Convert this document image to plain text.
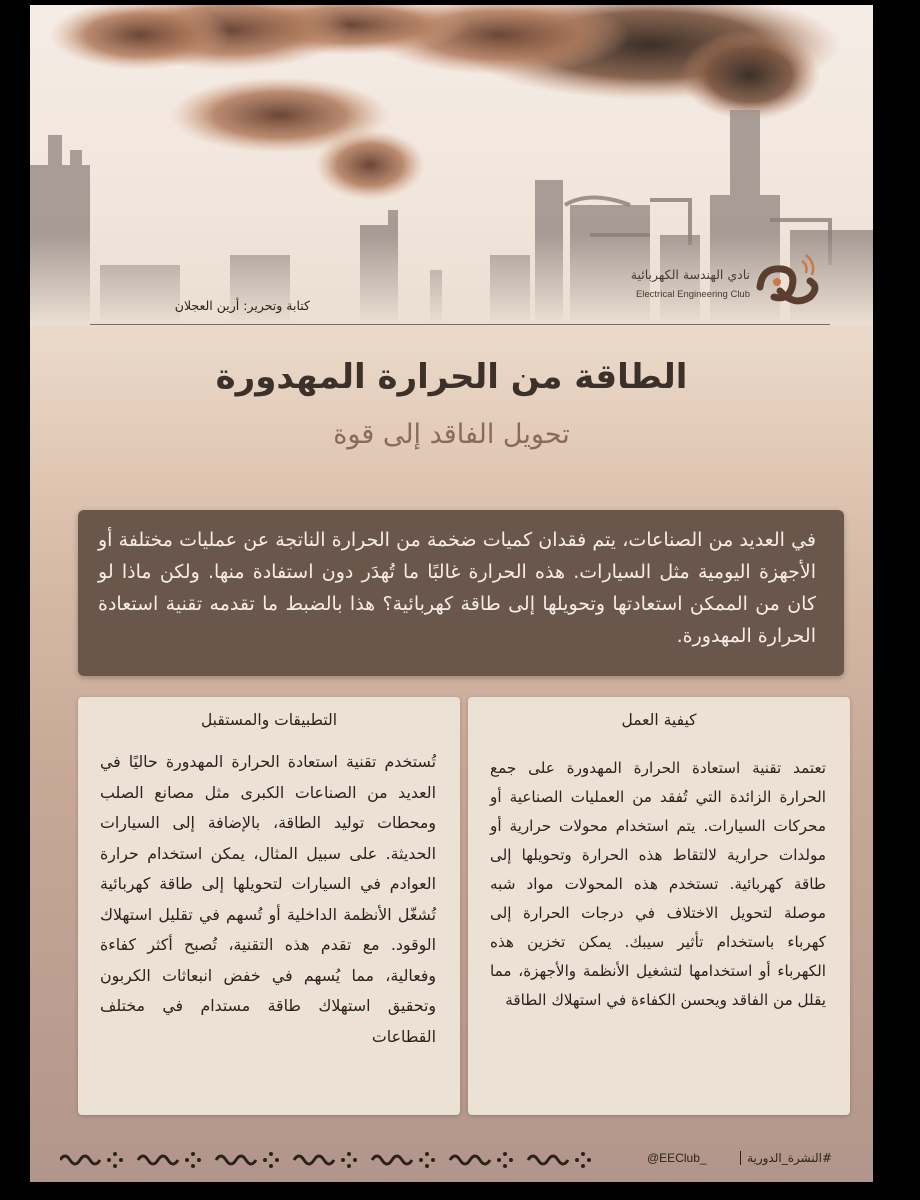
كتابة وتحرير: أرين العجلان
نادي الهندسة الكهربائية
Electrical Engineering Club
الطاقة من الحرارة المهدورة
تحويل الفاقد إلى قوة

في العديد من الصناعات، يتم فقدان كميات ضخمة من الحرارة الناتجة عن عمليات مختلفة أو الأجهزة اليومية مثل السيارات. هذه الحرارة غالبًا ما تُهدَر دون استفادة منها. ولكن ماذا لو كان من الممكن استعادتها وتحويلها إلى طاقة كهربائية؟ هذا بالضبط ما تقدمه تقنية استعادة الحرارة المهدورة.

كيفية العمل

تعتمد تقنية استعادة الحرارة المهدورة على جمع الحرارة الزائدة التي تُفقد من العمليات الصناعية أو محركات السيارات. يتم استخدام محولات حرارية أو مولدات حرارية لالتقاط هذه الحرارة وتحويلها إلى طاقة كهربائية. تستخدم هذه المحولات مواد شبه موصلة لتحويل الاختلاف في درجات الحرارة إلى كهرباء باستخدام تأثير سيبك. يمكن تخزين هذه الكهرباء أو استخدامها لتشغيل الأنظمة والأجهزة، مما يقلل من الفاقد ويحسن الكفاءة في استهلاك الطاقة

التطبيقات والمستقبل

تُستخدم تقنية استعادة الحرارة المهدورة حاليًا في العديد من الصناعات الكبرى مثل مصانع الصلب ومحطات توليد الطاقة، بالإضافة إلى السيارات الحديثة. على سبيل المثال، يمكن استخدام حرارة العوادم في السيارات لتحويلها إلى طاقة كهربائية تُشغّل الأنظمة الداخلية أو تُسهم في تقليل استهلاك الوقود. مع تقدم هذه التقنية، تُصبح أكثر كفاءة وفعالية، مما يُسهم في خفض انبعاثات الكربون وتحقيق استهلاك طاقة مستدام في مختلف القطاعات

@EEClub_	#النشرة_الدورية
